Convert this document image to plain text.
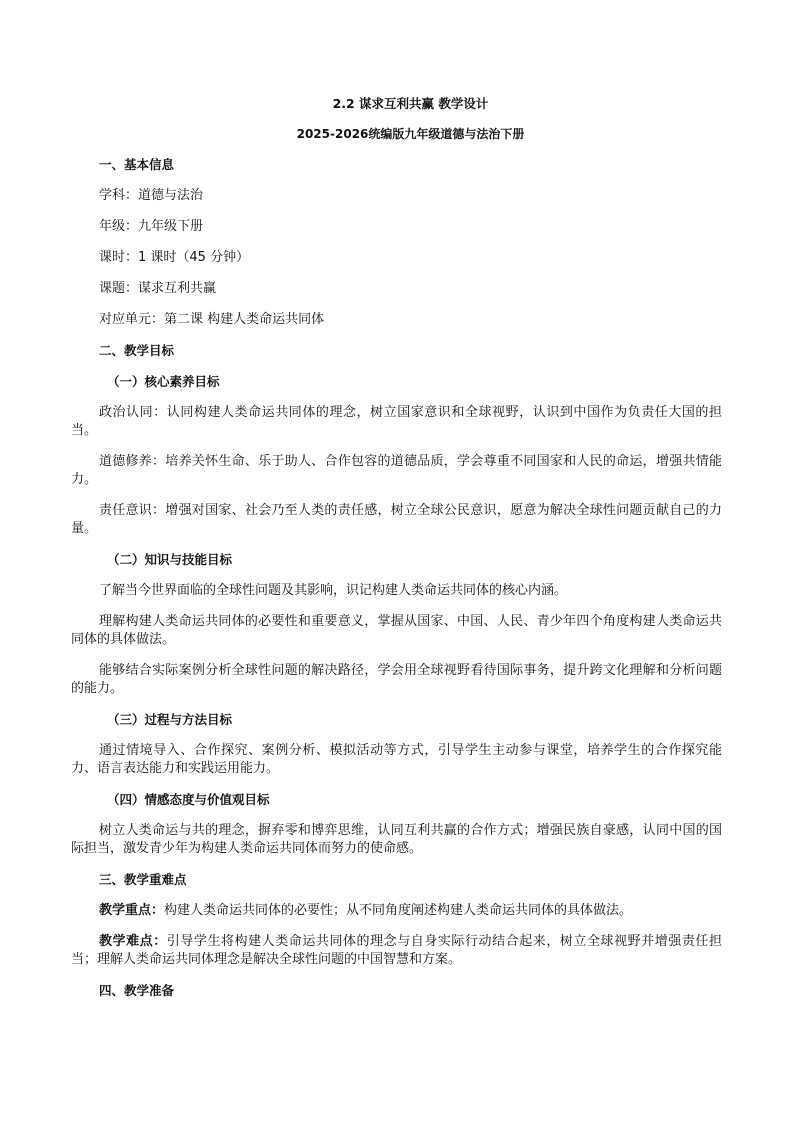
2.2 谋求互利共赢 教学设计
2025-2026统编版九年级道德与法治下册
一、基本信息
学科：道德与法治
年级：九年级下册
课时：1 课时（45 分钟）
课题：谋求互利共赢
对应单元：第二课 构建人类命运共同体
二、教学目标
（一）核心素养目标
政治认同：认同构建人类命运共同体的理念，树立国家意识和全球视野，认识到中国作为负责任大国的担当。
道德修养：培养关怀生命、乐于助人、合作包容的道德品质，学会尊重不同国家和人民的命运，增强共情能力。
责任意识：增强对国家、社会乃至人类的责任感，树立全球公民意识，愿意为解决全球性问题贡献自己的力量。
（二）知识与技能目标
了解当今世界面临的全球性问题及其影响，识记构建人类命运共同体的核心内涵。
理解构建人类命运共同体的必要性和重要意义，掌握从国家、中国、人民、青少年四个角度构建人类命运共同体的具体做法。
能够结合实际案例分析全球性问题的解决路径，学会用全球视野看待国际事务，提升跨文化理解和分析问题的能力。
（三）过程与方法目标
通过情境导入、合作探究、案例分析、模拟活动等方式，引导学生主动参与课堂，培养学生的合作探究能力、语言表达能力和实践运用能力。
（四）情感态度与价值观目标
树立人类命运与共的理念，摒弃零和博弈思维，认同互利共赢的合作方式；增强民族自豪感，认同中国的国际担当，激发青少年为构建人类命运共同体而努力的使命感。
三、教学重难点
教学重点：构建人类命运共同体的必要性；从不同角度阐述构建人类命运共同体的具体做法。
教学难点：引导学生将构建人类命运共同体的理念与自身实际行动结合起来，树立全球视野并增强责任担当；理解人类命运共同体理念是解决全球性问题的中国智慧和方案。
四、教学准备
